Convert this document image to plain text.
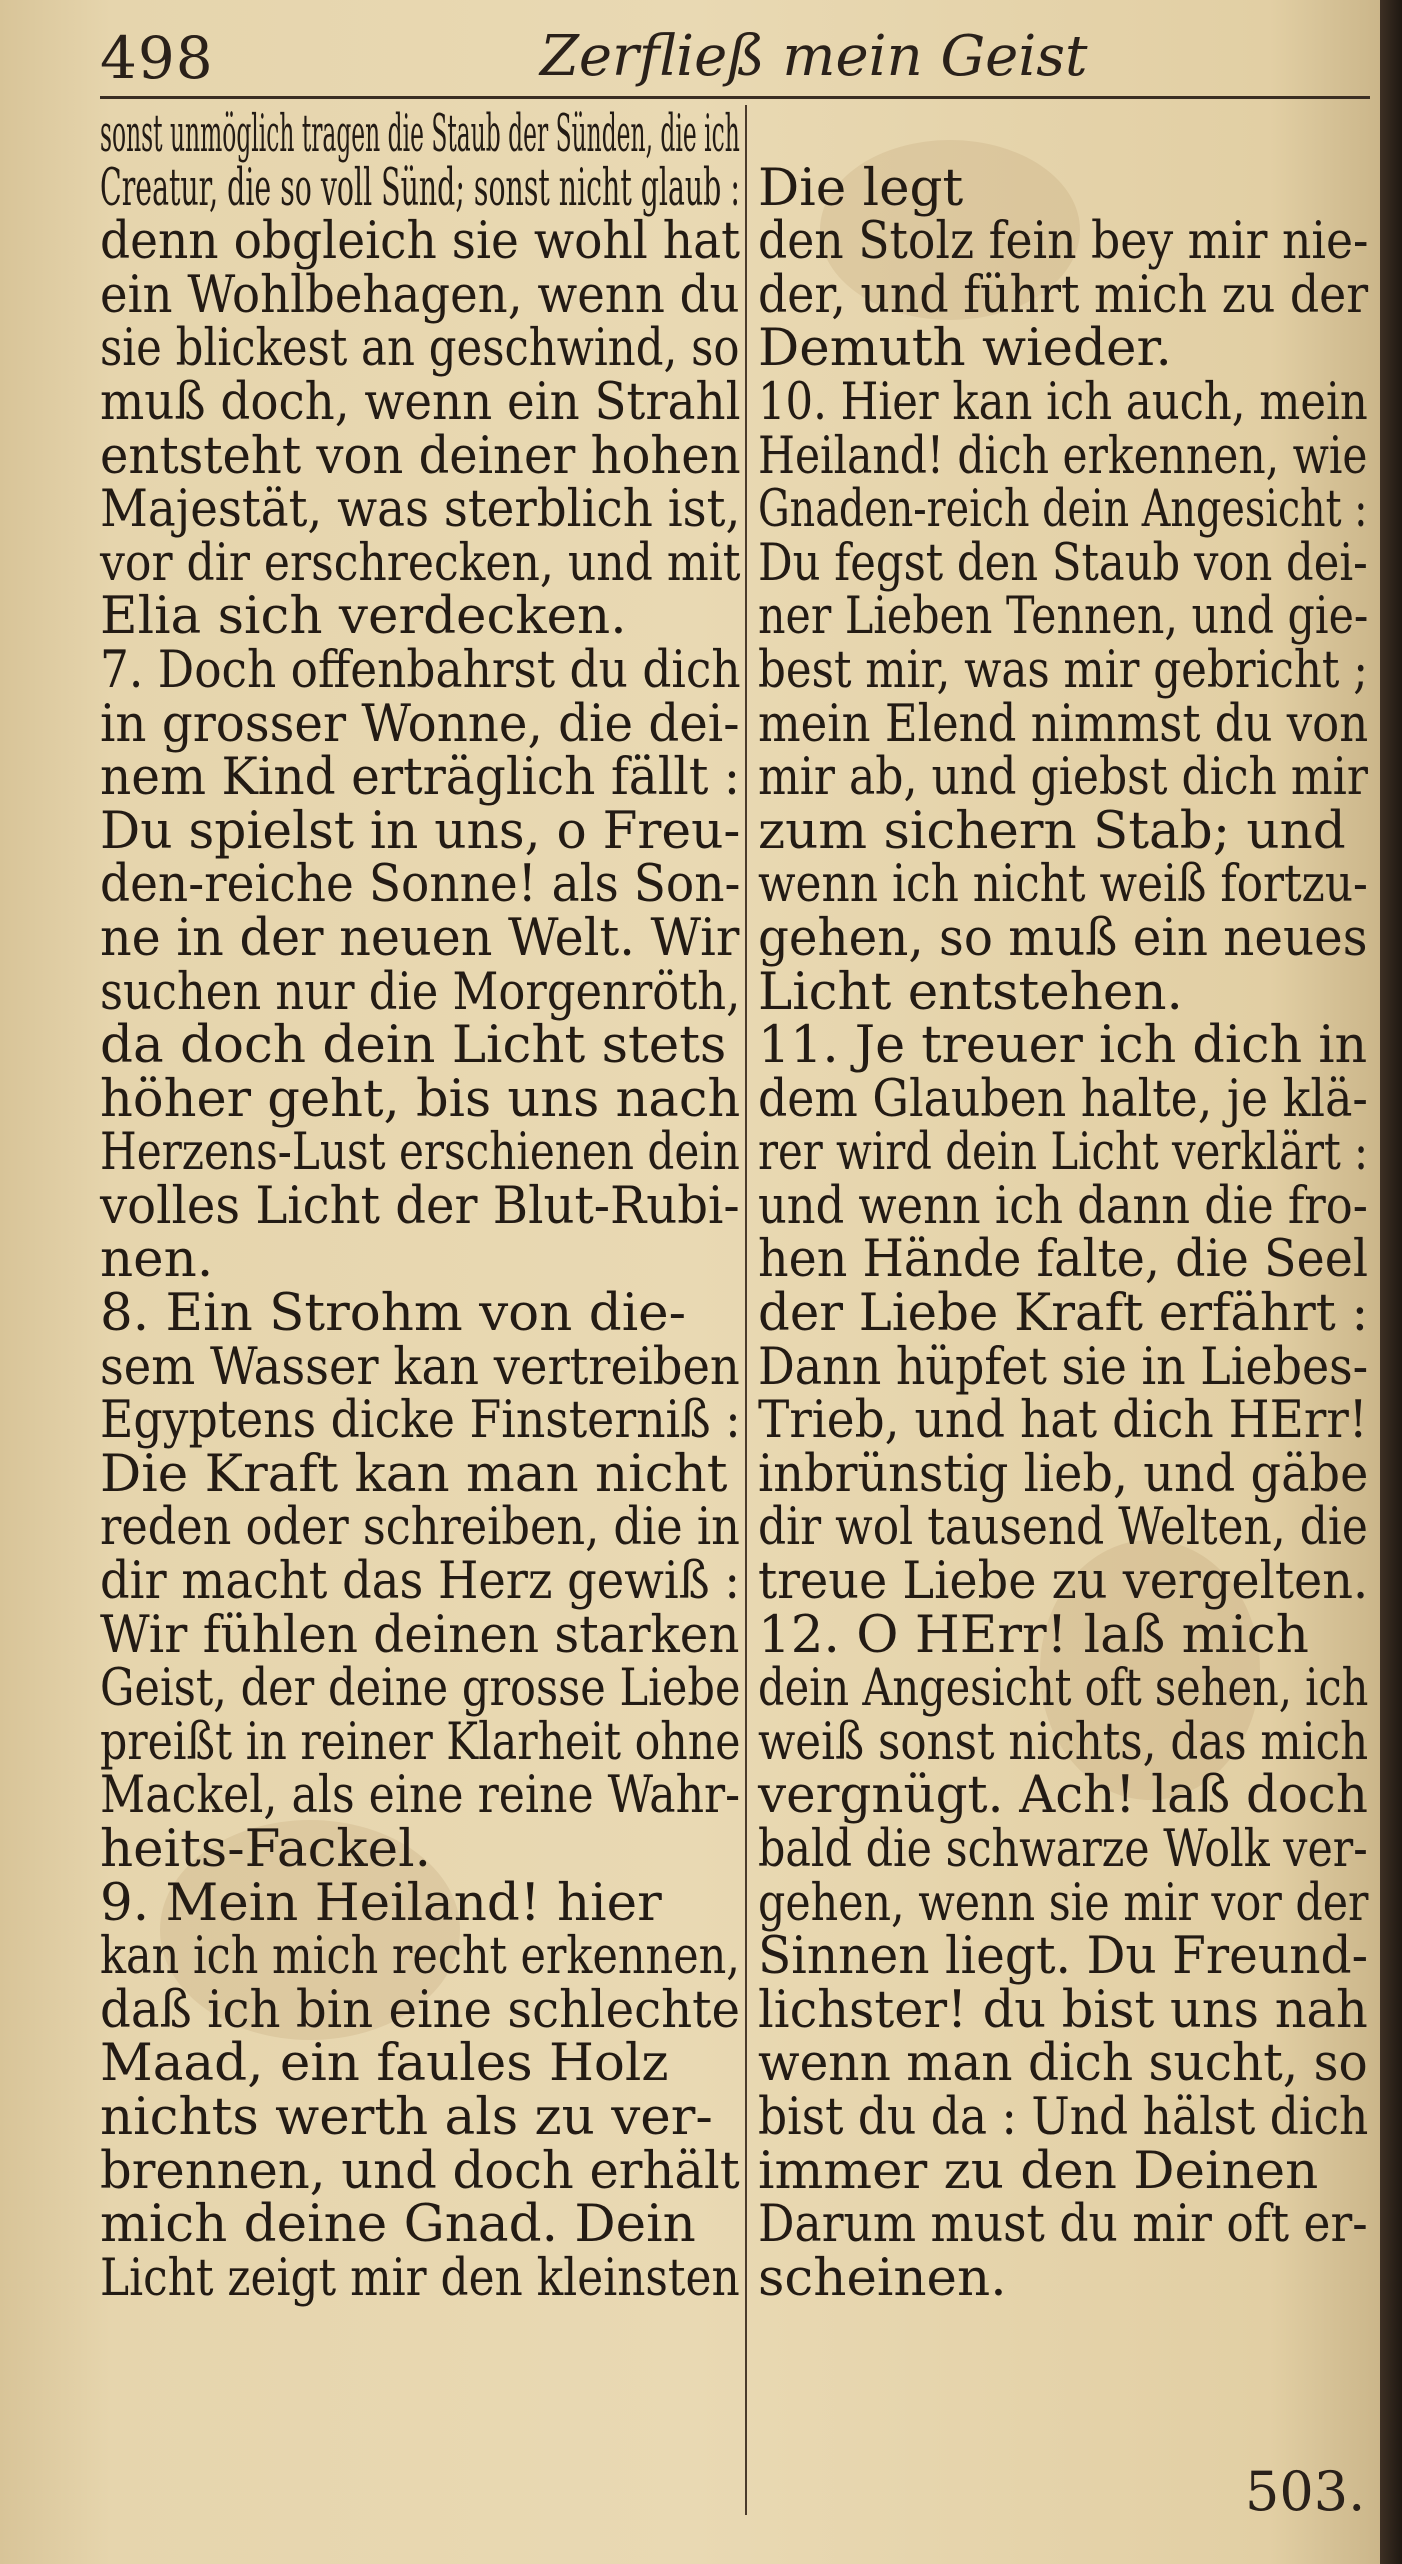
498	Zerfließ mein Geist
sonst unmöglich tragen die Staub der Sünden, die ich
Creatur, die so voll Sünd; sonst nicht glaub :
denn obgleich sie wohl hat
ein Wohlbehagen, wenn du
sie blickest an geschwind, so
muß doch, wenn ein Strahl
entsteht von deiner hohen
Majestät, was sterblich ist,
vor dir erschrecken, und mit
Elia sich verdecken.
7. Doch offenbahrst du dich
in grosser Wonne, die dei-
nem Kind erträglich fällt :
Du spielst in uns, o Freu-
den-reiche Sonne! als Son-
ne in der neuen Welt. Wir
suchen nur die Morgenröth,
da doch dein Licht stets
höher geht, bis uns nach
Herzens-Lust erschienen dein
volles Licht der Blut-Rubi-
nen.
8. Ein Strohm von die-
sem Wasser kan vertreiben
Egyptens dicke Finsterniß :
Die Kraft kan man nicht
reden oder schreiben, die in
dir macht das Herz gewiß :
Wir fühlen deinen starken
Geist, der deine grosse Liebe
preißt in reiner Klarheit ohne
Mackel, als eine reine Wahr-
heits-Fackel.
9. Mein Heiland! hier
kan ich mich recht erkennen,
daß ich bin eine schlechte
Maad, ein faules Holz
nichts werth als zu ver-
brennen, und doch erhält
mich deine Gnad. Dein
Licht zeigt mir den kleinsten
Die legt
den Stolz fein bey mir nie-
der, und führt mich zu der
Demuth wieder.
10. Hier kan ich auch, mein
Heiland! dich erkennen, wie
Gnaden-reich dein Angesicht :
Du fegst den Staub von dei-
ner Lieben Tennen, und gie-
best mir, was mir gebricht ;
mein Elend nimmst du von
mir ab, und giebst dich mir
zum sichern Stab; und
wenn ich nicht weiß fortzu-
gehen, so muß ein neues
Licht entstehen.
11. Je treuer ich dich in
dem Glauben halte, je klä-
rer wird dein Licht verklärt :
und wenn ich dann die fro-
hen Hände falte, die Seel
der Liebe Kraft erfährt :
Dann hüpfet sie in Liebes-
Trieb, und hat dich HErr!
inbrünstig lieb, und gäbe
dir wol tausend Welten, die
treue Liebe zu vergelten.
12. O HErr! laß mich
dein Angesicht oft sehen, ich
weiß sonst nichts, das mich
vergnügt. Ach! laß doch
bald die schwarze Wolk ver-
gehen, wenn sie mir vor der
Sinnen liegt. Du Freund-
lichster! du bist uns nah
wenn man dich sucht, so
bist du da : Und hälst dich
immer zu den Deinen
Darum must du mir oft er-
scheinen.
503.
